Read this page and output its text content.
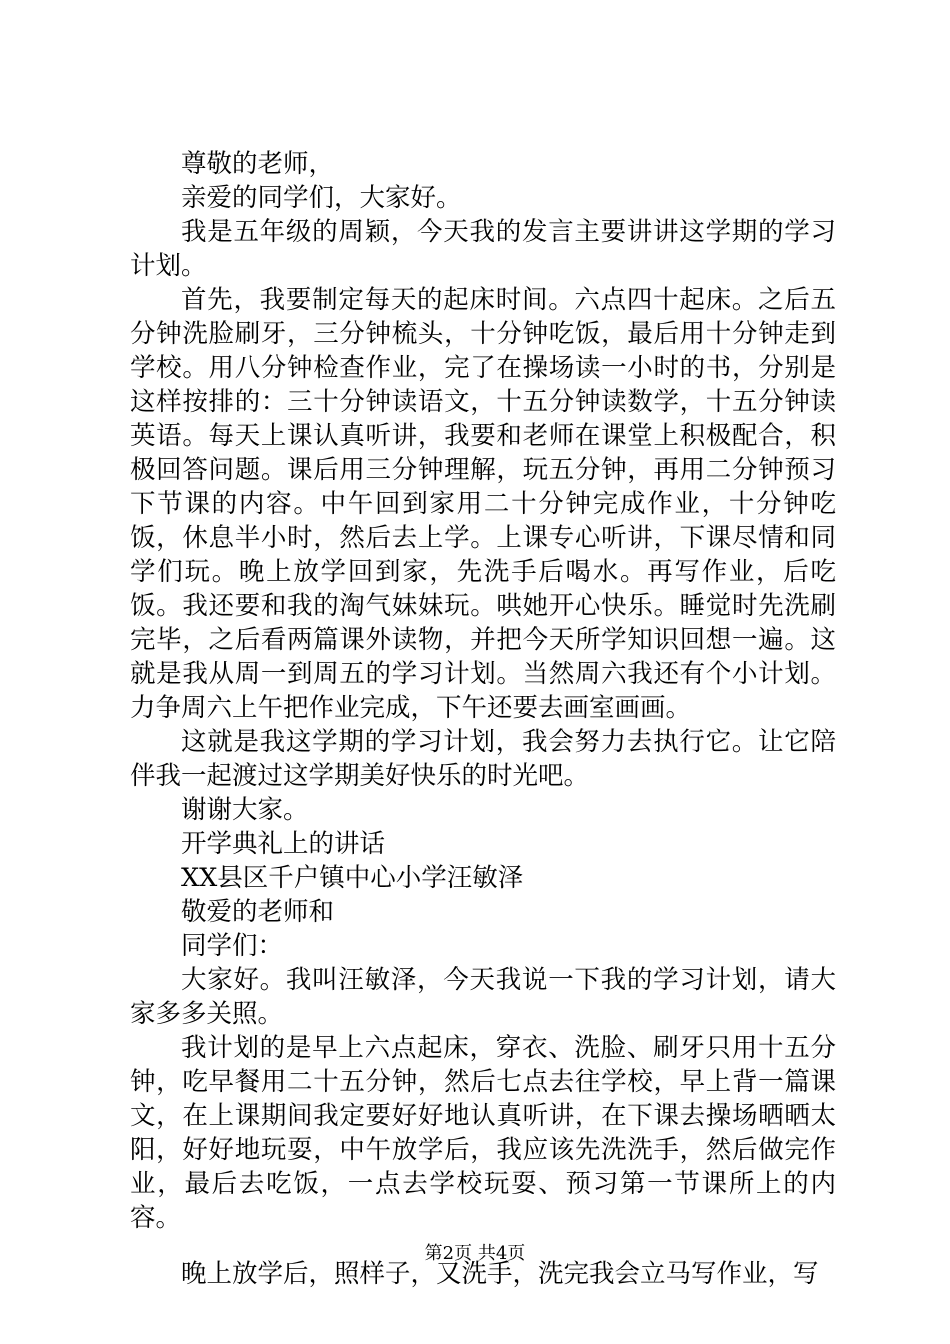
尊敬的老师，

亲爱的同学们，大家好。

我是五年级的周颖，今天我的发言主要讲讲这学期的学习计划。

首先，我要制定每天的起床时间。六点四十起床。之后五分钟洗脸刷牙，三分钟梳头，十分钟吃饭，最后用十分钟走到学校。用八分钟检查作业，完了在操场读一小时的书，分别是这样按排的：三十分钟读语文，十五分钟读数学，十五分钟读英语。每天上课认真听讲，我要和老师在课堂上积极配合，积极回答问题。课后用三分钟理解，玩五分钟，再用二分钟预习下节课的内容。中午回到家用二十分钟完成作业，十分钟吃饭，休息半小时，然后去上学。上课专心听讲，下课尽情和同学们玩。晚上放学回到家，先洗手后喝水。再写作业，后吃饭。我还要和我的淘气妹妹玩。哄她开心快乐。睡觉时先洗刷完毕，之后看两篇课外读物，并把今天所学知识回想一遍。这就是我从周一到周五的学习计划。当然周六我还有个小计划。力争周六上午把作业完成，下午还要去画室画画。

这就是我这学期的学习计划，我会努力去执行它。让它陪伴我一起渡过这学期美好快乐的时光吧。

谢谢大家。

开学典礼上的讲话

XX县区千户镇中心小学汪敏泽

敬爱的老师和

同学们：

大家好。我叫汪敏泽，今天我说一下我的学习计划，请大家多多关照。

我计划的是早上六点起床，穿衣、洗脸、刷牙只用十五分钟，吃早餐用二十五分钟，然后七点去往学校，早上背一篇课文，在上课期间我定要好好地认真听讲，在下课去操场晒晒太阳，好好地玩耍，中午放学后，我应该先洗洗手，然后做完作业，最后去吃饭，一点去学校玩耍、预习第一节课所上的内容。

晚上放学后，照样子，又洗手，洗完我会立马写作业，写

第2页 共4页
